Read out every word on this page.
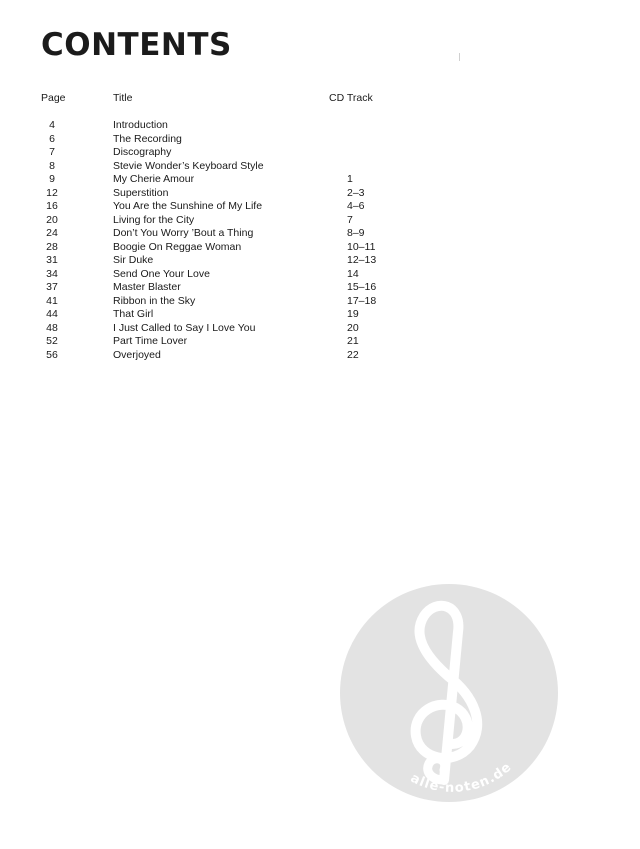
CONTENTS
Page	Title	CD Track
4	Introduction
6	The Recording
7	Discography
8	Stevie Wonder’s Keyboard Style
9	My Cherie Amour	1
12	Superstition	2–3
16	You Are the Sunshine of My Life	4–6
20	Living for the City	7
24	Don’t You Worry ’Bout a Thing	8–9
28	Boogie On Reggae Woman	10–11
31	Sir Duke	12–13
34	Send One Your Love	14
37	Master Blaster	15–16
41	Ribbon in the Sky	17–18
44	That Girl	19
48	I Just Called to Say I Love You	20
52	Part Time Lover	21
56	Overjoyed	22
alle-noten.de
